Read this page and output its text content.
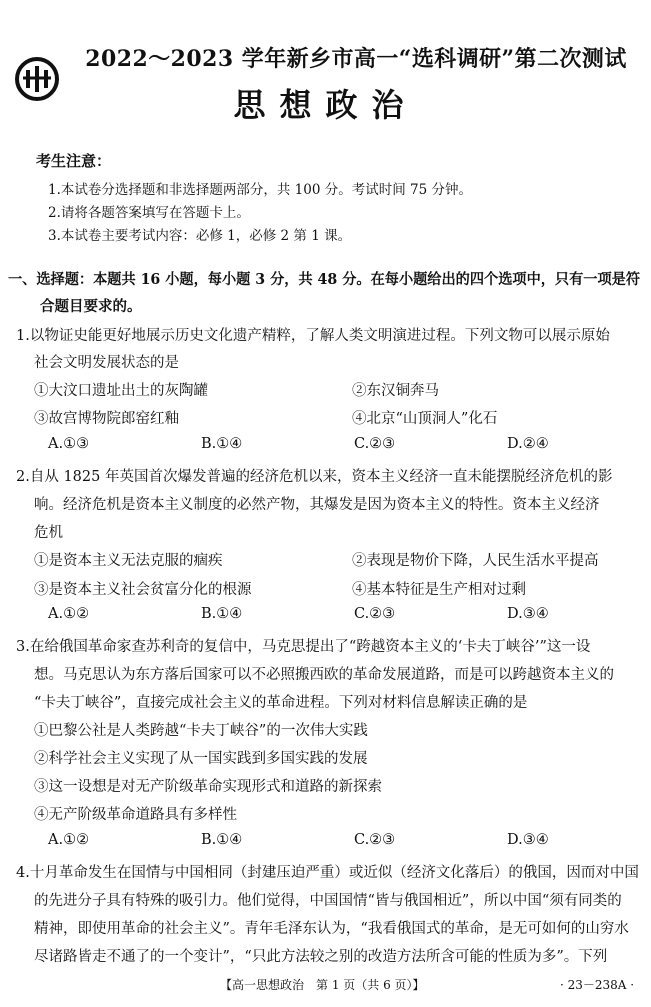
2022～2023 学年新乡市高一“选科调研”第二次测试
思想政治
考生注意：
1.本试卷分选择题和非选择题两部分，共 100 分。考试时间 75 分钟。
2.请将各题答案填写在答题卡上。
3.本试卷主要考试内容：必修 1，必修 2 第 1 课。
一、选择题：本题共 16 小题，每小题 3 分，共 48 分。在每小题给出的四个选项中，只有一项是符
合题目要求的。
1.以物证史能更好地展示历史文化遗产精粹，了解人类文明演进过程。下列文物可以展示原始
社会文明发展状态的是
①大汶口遗址出土的灰陶罐	②东汉铜奔马
③故宫博物院郎窑红釉	④北京“山顶洞人”化石
A.①③	B.①④	C.②③	D.②④
2.自从 1825 年英国首次爆发普遍的经济危机以来，资本主义经济一直未能摆脱经济危机的影
响。经济危机是资本主义制度的必然产物，其爆发是因为资本主义的特性。资本主义经济
危机
①是资本主义无法克服的痼疾	②表现是物价下降，人民生活水平提高
③是资本主义社会贫富分化的根源	④基本特征是生产相对过剩
A.①②	B.①④	C.②③	D.③④
3.在给俄国革命家查苏利奇的复信中，马克思提出了“跨越资本主义的‘卡夫丁峡谷’”这一设
想。马克思认为东方落后国家可以不必照搬西欧的革命发展道路，而是可以跨越资本主义的
“卡夫丁峡谷”，直接完成社会主义的革命进程。下列对材料信息解读正确的是
①巴黎公社是人类跨越“卡夫丁峡谷”的一次伟大实践
②科学社会主义实现了从一国实践到多国实践的发展
③这一设想是对无产阶级革命实现形式和道路的新探索
④无产阶级革命道路具有多样性
A.①②	B.①④	C.②③	D.③④
4.十月革命发生在国情与中国相同（封建压迫严重）或近似（经济文化落后）的俄国，因而对中国
的先进分子具有特殊的吸引力。他们觉得，中国国情“皆与俄国相近”，所以中国“须有同类的
精神，即使用革命的社会主义”。青年毛泽东认为，“我看俄国式的革命，是无可如何的山穷水
尽诸路皆走不通了的一个变计”，“只此方法较之别的改造方法所含可能的性质为多”。下列
【高一思想政治　第 1 页（共 6 页）】	· 23－238A ·
